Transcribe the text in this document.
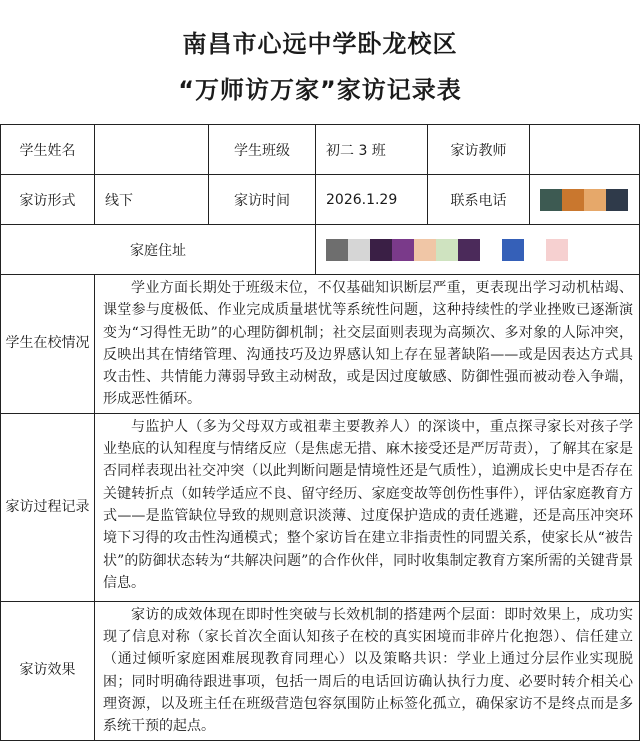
南昌市心远中学卧龙校区
“万师访万家”家访记录表
学生姓名		学生班级	初二 3 班	家访教师	
家访形式	线下	家访时间	2026.1.29	联系电话	

家庭住址					

学生在校情况	学业方面长期处于班级末位，不仅基础知识断层严重，更表现出学习动机枯竭、课堂参与度极低、作业完成质量堪忧等系统性问题，这种持续性的学业挫败已逐渐演变为“习得性无助”的心理防御机制；社交层面则表现为高频次、多对象的人际冲突，反映出其在情绪管理、沟通技巧及边界感认知上存在显著缺陷——或是因表达方式具攻击性、共情能力薄弱导致主动树敌，或是因过度敏感、防御性强而被动卷入争端，形成恶性循环。				
家访过程记录	与监护人（多为父母双方或祖辈主要教养人）的深谈中，重点探寻家长对孩子学业垫底的认知程度与情绪反应（是焦虑无措、麻木接受还是严厉苛责），了解其在家是否同样表现出社交冲突（以此判断问题是情境性还是气质性），追溯成长史中是否存在关键转折点（如转学适应不良、留守经历、家庭变故等创伤性事件），评估家庭教育方式——是监管缺位导致的规则意识淡薄、过度保护造成的责任逃避，还是高压冲突环境下习得的攻击性沟通模式；整个家访旨在建立非指责性的同盟关系，使家长从“被告状”的防御状态转为“共解决问题”的合作伙伴，同时收集制定教育方案所需的关键背景信息。				
家访效果	家访的成效体现在即时性突破与长效机制的搭建两个层面：即时效果上，成功实现了信息对称（家长首次全面认知孩子在校的真实困境而非碎片化抱怨）、信任建立（通过倾听家庭困难展现教育同理心）以及策略共识：学业上通过分层作业实现脱困；同时明确待跟进事项，包括一周后的电话回访确认执行力度、必要时转介相关心理资源，以及班主任在班级营造包容氛围防止标签化孤立，确保家访不是终点而是多系统干预的起点。				
